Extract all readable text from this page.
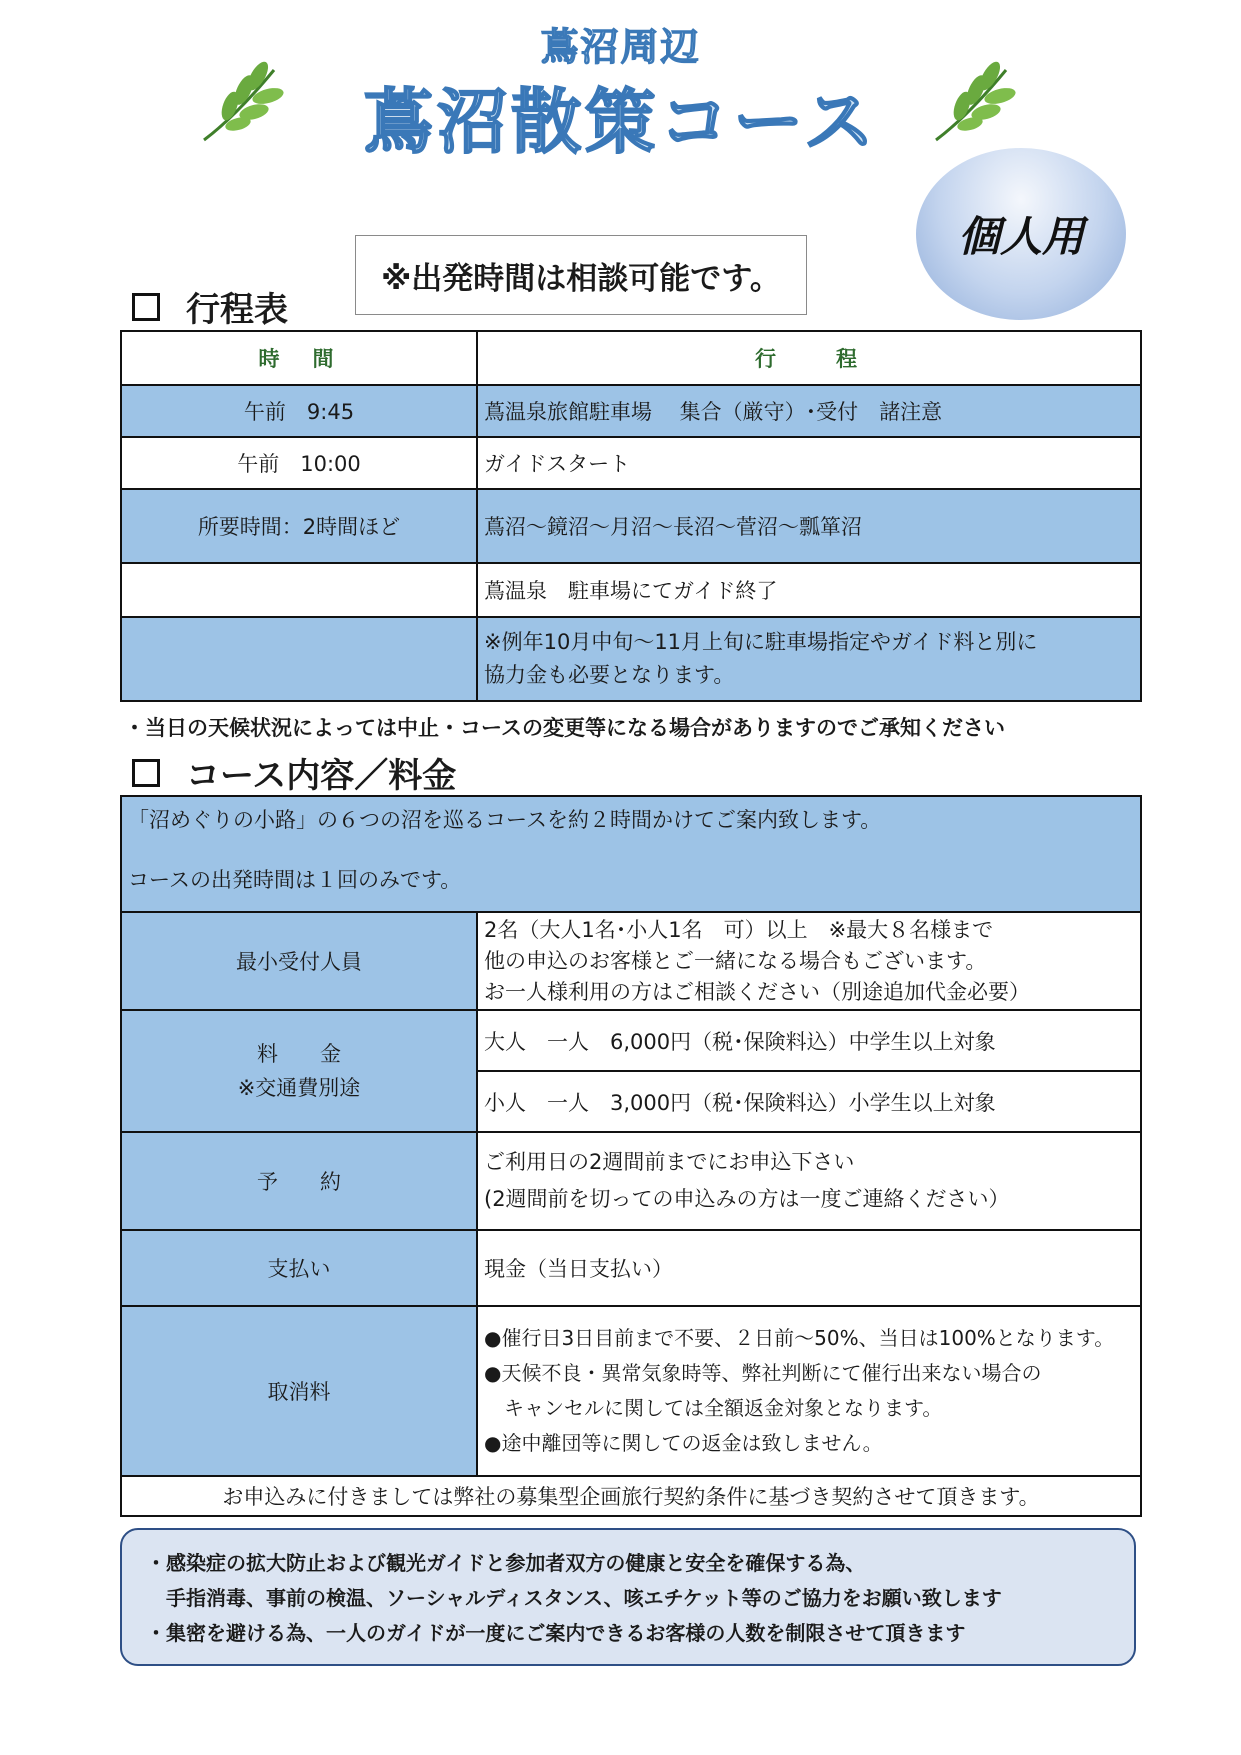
蔦沼周辺
蔦沼散策コース
個人用
※出発時間は相談可能です。
行程表
時　間	行　　程
午前　9:45	蔦温泉旅館駐車場　 集合（厳守）･受付　諸注意
午前　10:00	ガイドスタート
所要時間：2時間ほど	蔦沼～鏡沼～月沼～長沼～菅沼～瓢箪沼
	蔦温泉　駐車場にてガイド終了

	※例年10月中旬～11月上旬に駐車場指定やガイド料と別に
協力金も必要となります。
・当日の天候状況によっては中止・コースの変更等になる場合がありますのでご承知ください
コース内容／料金
「沼めぐりの小路」の６つの沼を巡るコースを約２時間かけてご案内致します。
コースの出発時間は１回のみです。	

最小受付人員	2名（大人1名･小人1名　可）以上　※最大８名様まで
他の申込のお客様とご一緒になる場合もございます。
お一人様利用の方はご相談ください（別途追加代金必要）

料　　金
※交通費別途	大人　一人　6,000円（税･保険料込）中学生以上対象
	小人　一人　3,000円（税･保険料込）小学生以上対象
予　　約	ご利用日の2週間前までにお申込下さい
(2週間前を切っての申込みの方は一度ご連絡ください）

支払い	現金（当日支払い）
取消料	●催行日3日目前まで不要、２日前～50%、当日は100%となります。
●天候不良・異常気象時等、弊社判断にて催行出来ない場合の
　キャンセルに関しては全額返金対象となります。
●途中離団等に関しての返金は致しません。

お申込みに付きましては弊社の募集型企画旅行契約条件に基づき契約させて頂きます。	
・感染症の拡大防止および観光ガイドと参加者双方の健康と安全を確保する為、
　手指消毒、事前の検温、ソーシャルディスタンス、咳エチケット等のご協力をお願い致します
・集密を避ける為、一人のガイドが一度にご案内できるお客様の人数を制限させて頂きます
